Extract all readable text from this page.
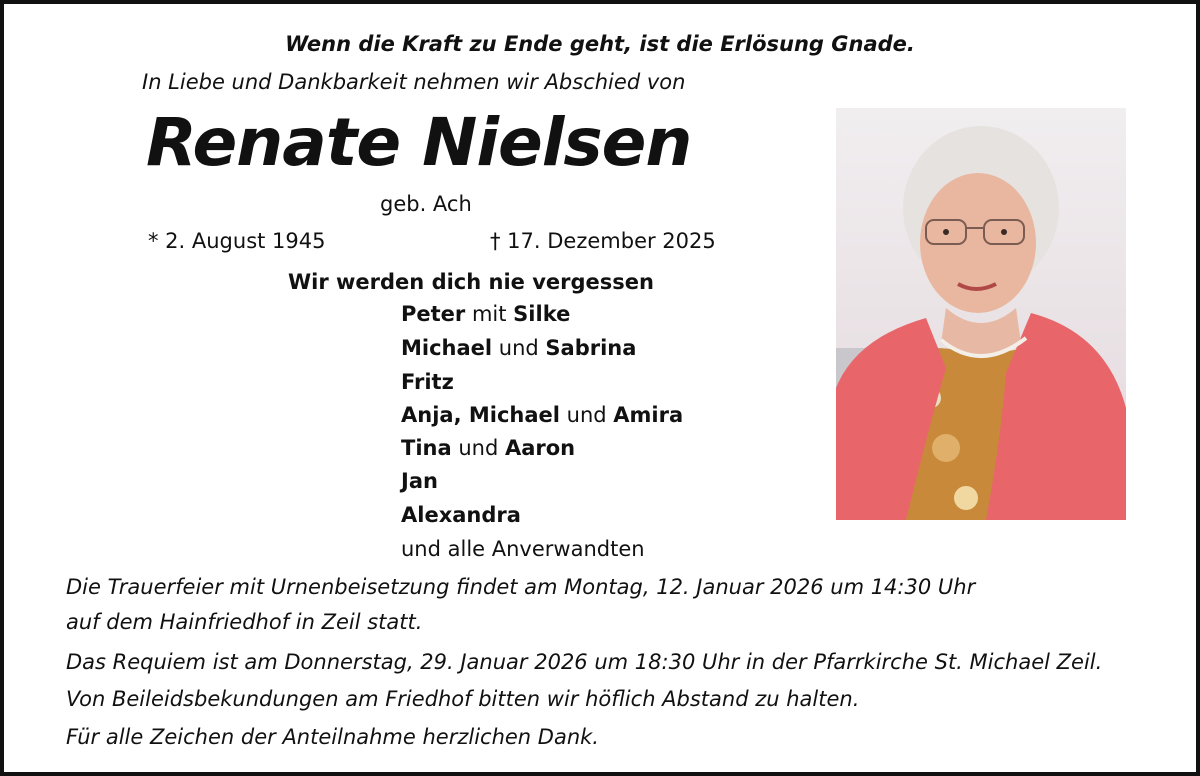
Wenn die Kraft zu Ende geht, ist die Erlösung Gnade.
In Liebe und Dankbarkeit nehmen wir Abschied von
Renate Nielsen
geb. Ach
* 2. August 1945	† 17. Dezember 2025
Wir werden dich nie vergessen
Peter mit Silke
Michael und Sabrina
Fritz
Anja, Michael und Amira
Tina und Aaron
Jan
Alexandra
und alle Anverwandten
Die Trauerfeier mit Urnenbeisetzung findet am Montag, 12. Januar 2026 um 14:30 Uhr
auf dem Hainfriedhof in Zeil statt.
Das Requiem ist am Donnerstag, 29. Januar 2026 um 18:30 Uhr in der Pfarrkirche St. Michael Zeil.
Von Beileidsbekundungen am Friedhof bitten wir höflich Abstand zu halten.
Für alle Zeichen der Anteilnahme herzlichen Dank.
